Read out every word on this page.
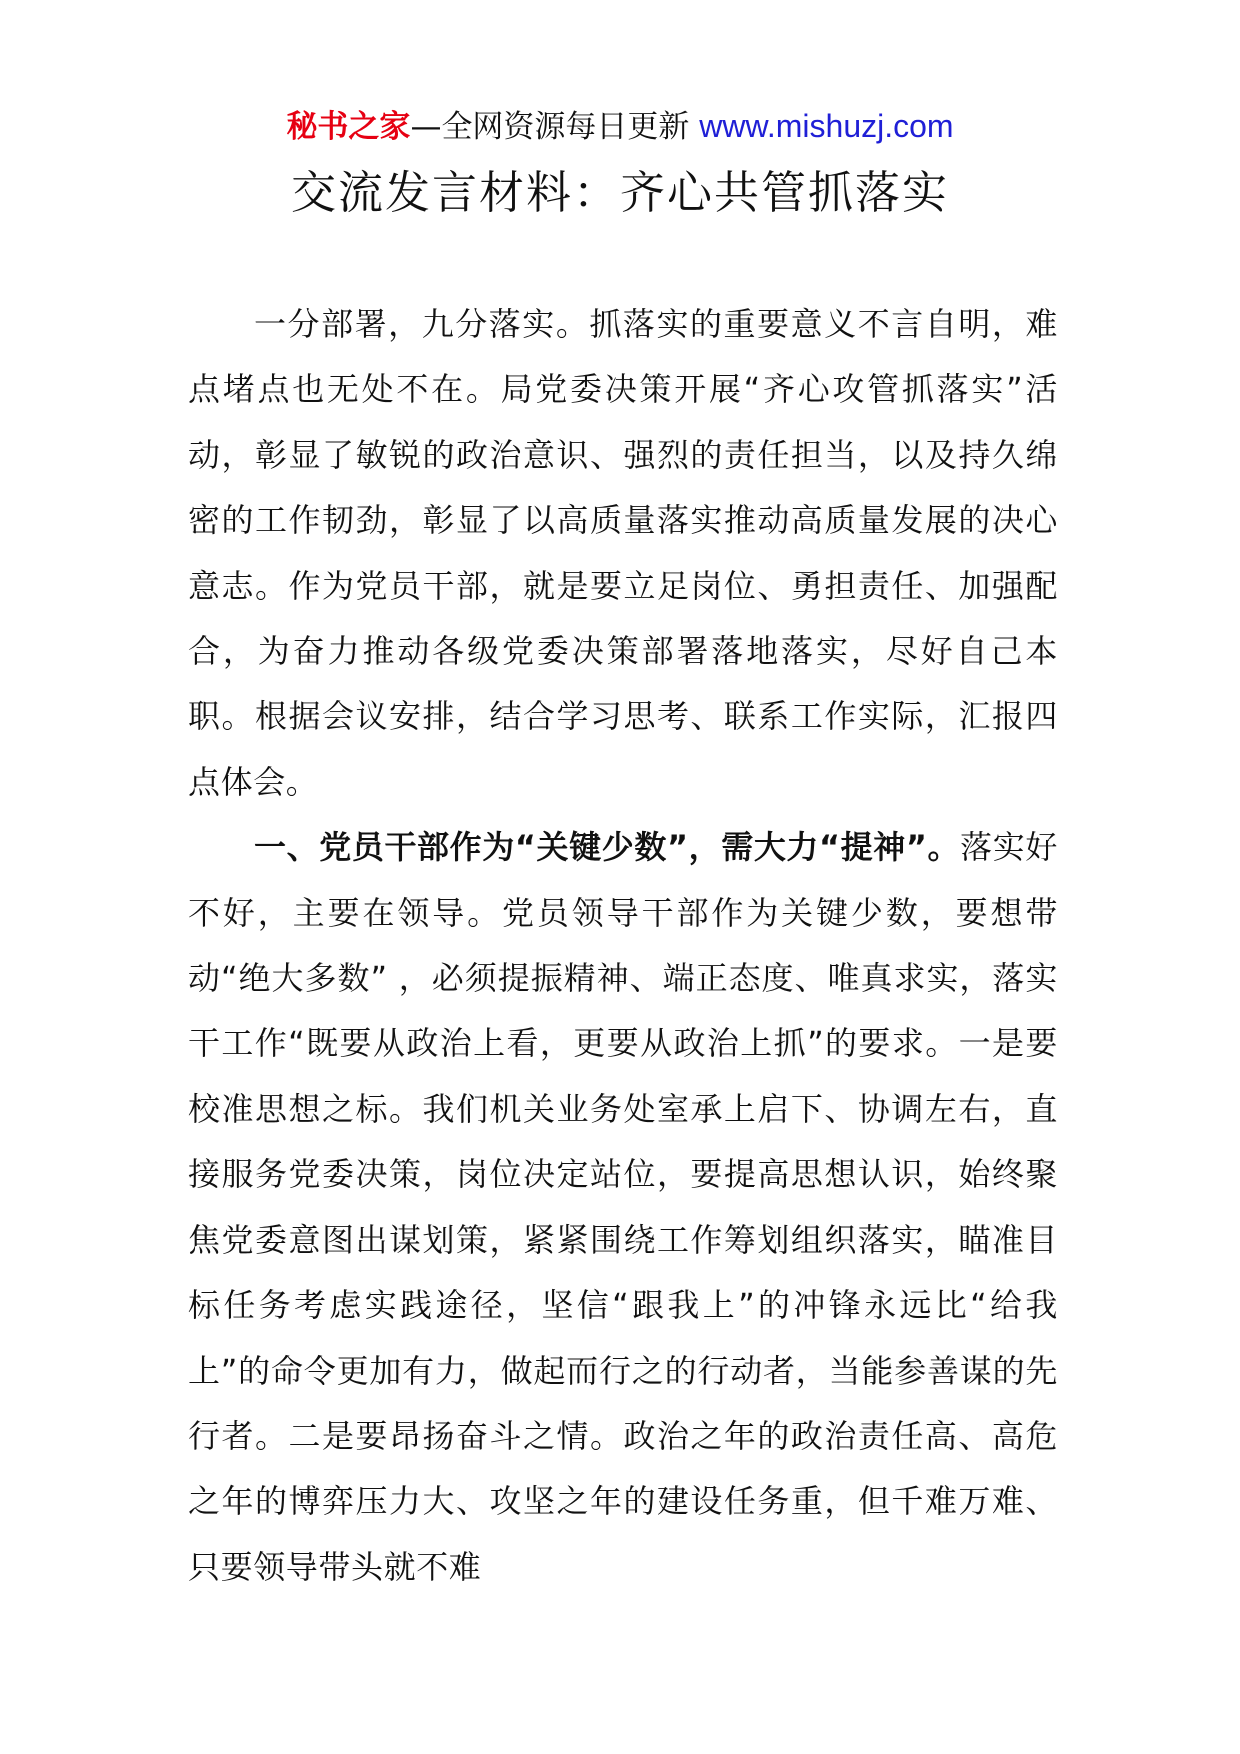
秘书之家—全网资源每日更新 www.mishuzj.com
交流发言材料：齐心共管抓落实

一分部署，九分落实。抓落实的重要意义不言自明，难点堵点也无处不在。局党委决策开展“齐心攻管抓落实”活动，彰显了敏锐的政治意识、强烈的责任担当，以及持久绵密的工作韧劲，彰显了以高质量落实推动高质量发展的决心意志。作为党员干部，就是要立足岗位、勇担责任、加强配合，为奋力推动各级党委决策部署落地落实，尽好自己本职。根据会议安排，结合学习思考、联系工作实际，汇报四点体会。

一、党员干部作为“关键少数”，需大力“提神”。落实好不好，主要在领导。党员领导干部作为关键少数，要想带动“绝大多数” ，必须提振精神、端正态度、唯真求实，落实干工作“既要从政治上看，更要从政治上抓”的要求。一是要校准思想之标。我们机关业务处室承上启下、协调左右，直接服务党委决策，岗位决定站位，要提高思想认识，始终聚焦党委意图出谋划策，紧紧围绕工作筹划组织落实，瞄准目标任务考虑实践途径，坚信“跟我上”的冲锋永远比“给我上”的命令更加有力，做起而行之的行动者，当能参善谋的先行者。二是要昂扬奋斗之情。政治之年的政治责任高、高危之年的博弈压力大、攻坚之年的建设任务重，但千难万难、只要领导带头就不难
